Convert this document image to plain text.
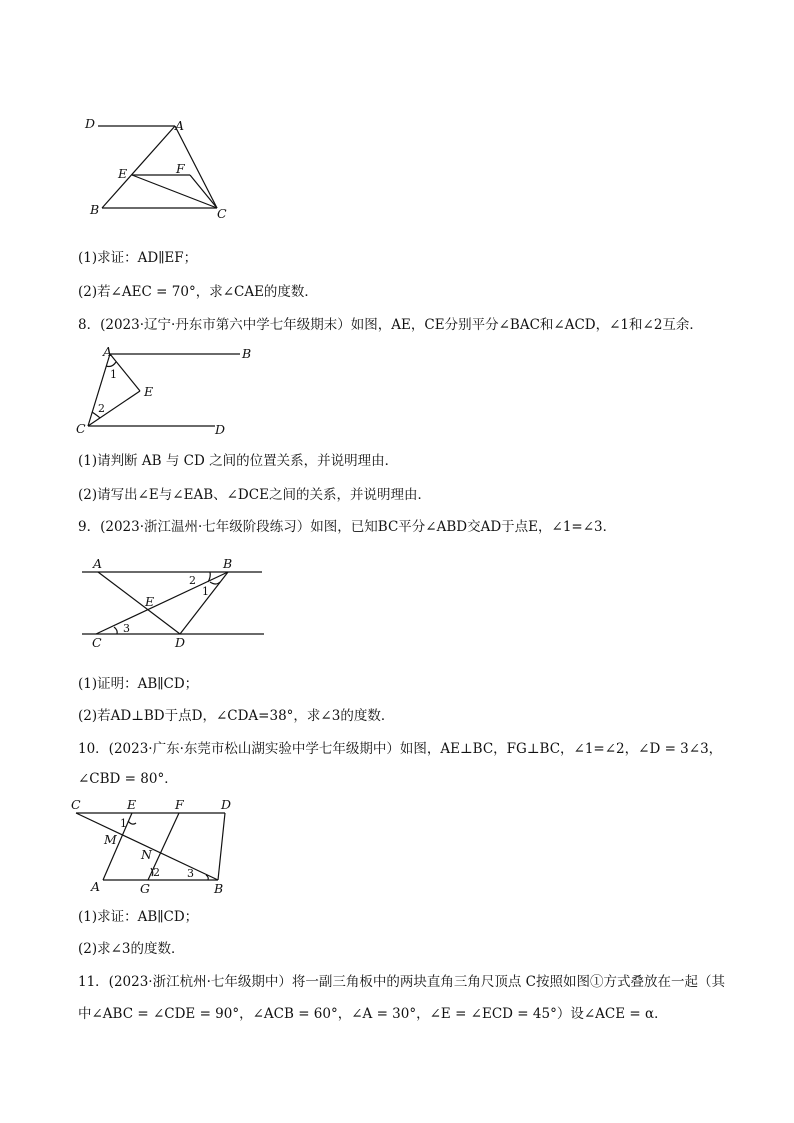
D	A
E	F
B	C
(1)求证：AD∥EF；
(2)若∠AEC = 70°，求∠CAE的度数．
8．(2023·辽宁·丹东市第六中学七年级期末）如图，AE，CE分别平分∠BAC和∠ACD，∠1和∠2互余．
A	B
E
C	D
1
2
(1)请判断 AB 与 CD 之间的位置关系，并说明理由．
(2)请写出∠E与∠EAB、∠DCE之间的关系，并说明理由．
9．(2023·浙江温州·七年级阶段练习）如图，已知BC平分∠ABD交AD于点E，∠1=∠3．
A	B
E
C	D
2
1
3
(1)证明：AB∥CD；
(2)若AD⊥BD于点D，∠CDA=38°，求∠3的度数．
10．(2023·广东·东莞市松山湖实验中学七年级期中）如图，AE⊥BC，FG⊥BC，∠1=∠2，∠D = 3∠3，
∠CBD = 80°．
C	E	F	D
M
N
A	G	B
1
2 3
(1)求证：AB∥CD；
(2)求∠3的度数．
11．(2023·浙江杭州·七年级期中）将一副三角板中的两块直角三角尺顶点 C按照如图①方式叠放在一起（其
中∠ABC = ∠CDE = 90°，∠ACB = 60°，∠A = 30°，∠E = ∠ECD = 45°）设∠ACE = α．
